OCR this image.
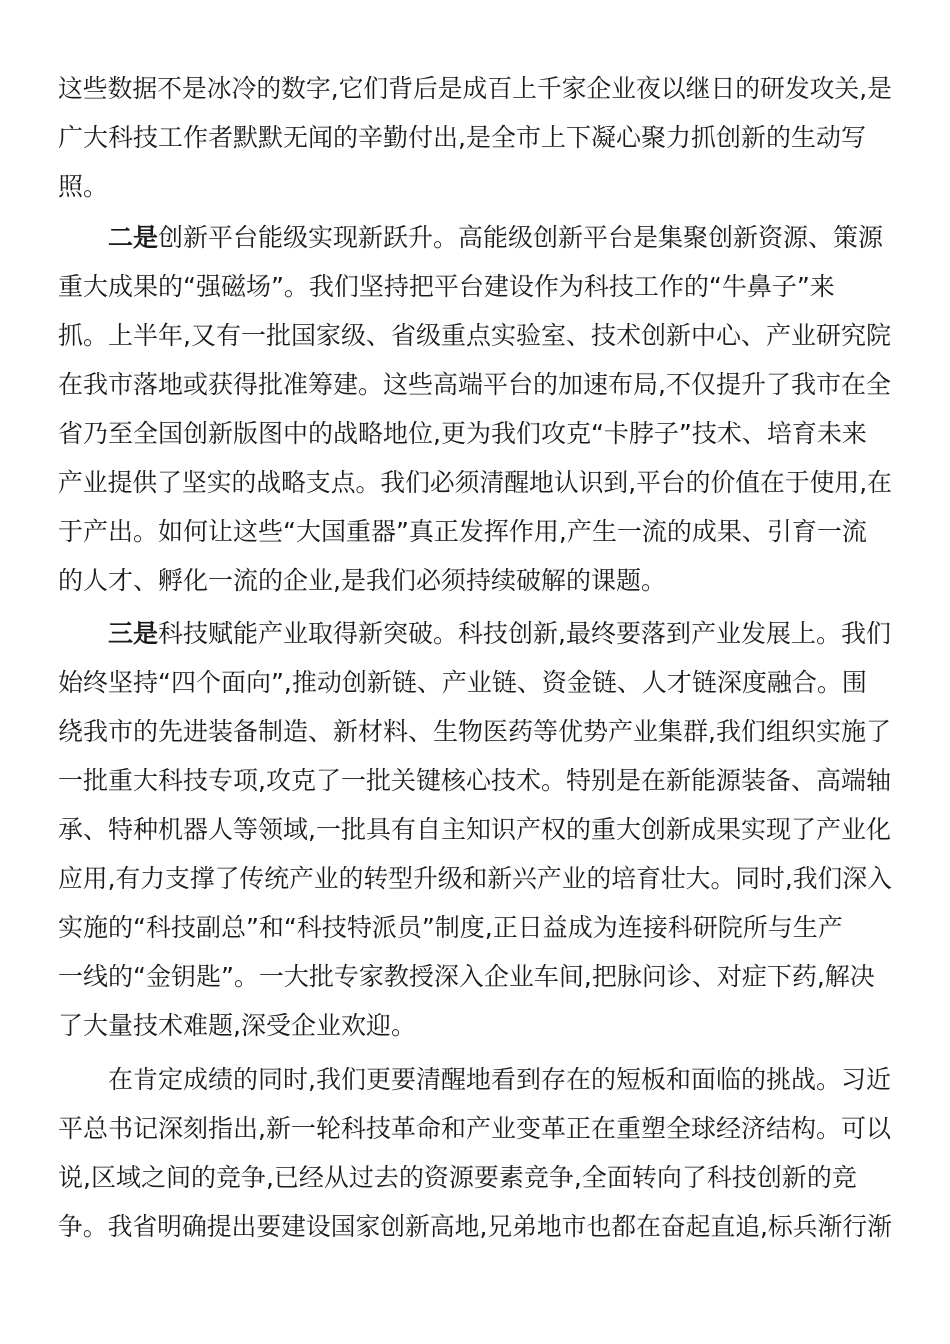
这些数据不是冰冷的数字,它们背后是成百上千家企业夜以继日的研发攻关,是
广大科技工作者默默无闻的辛勤付出,是全市上下凝心聚力抓创新的生动写
照。
二是创新平台能级实现新跃升。高能级创新平台是集聚创新资源、策源
重大成果的“强磁场”。我们坚持把平台建设作为科技工作的“牛鼻子”来
抓。上半年,又有一批国家级、省级重点实验室、技术创新中心、产业研究院
在我市落地或获得批准筹建。这些高端平台的加速布局,不仅提升了我市在全
省乃至全国创新版图中的战略地位,更为我们攻克“卡脖子”技术、培育未来
产业提供了坚实的战略支点。我们必须清醒地认识到,平台的价值在于使用,在
于产出。如何让这些“大国重器”真正发挥作用,产生一流的成果、引育一流
的人才、孵化一流的企业,是我们必须持续破解的课题。
三是科技赋能产业取得新突破。科技创新,最终要落到产业发展上。我们
始终坚持“四个面向”,推动创新链、产业链、资金链、人才链深度融合。围
绕我市的先进装备制造、新材料、生物医药等优势产业集群,我们组织实施了
一批重大科技专项,攻克了一批关键核心技术。特别是在新能源装备、高端轴
承、特种机器人等领域,一批具有自主知识产权的重大创新成果实现了产业化
应用,有力支撑了传统产业的转型升级和新兴产业的培育壮大。同时,我们深入
实施的“科技副总”和“科技特派员”制度,正日益成为连接科研院所与生产
一线的“金钥匙”。一大批专家教授深入企业车间,把脉问诊、对症下药,解决
了大量技术难题,深受企业欢迎。
在肯定成绩的同时,我们更要清醒地看到存在的短板和面临的挑战。习近
平总书记深刻指出,新一轮科技革命和产业变革正在重塑全球经济结构。可以
说,区域之间的竞争,已经从过去的资源要素竞争,全面转向了科技创新的竞
争。我省明确提出要建设国家创新高地,兄弟地市也都在奋起直追,标兵渐行渐
